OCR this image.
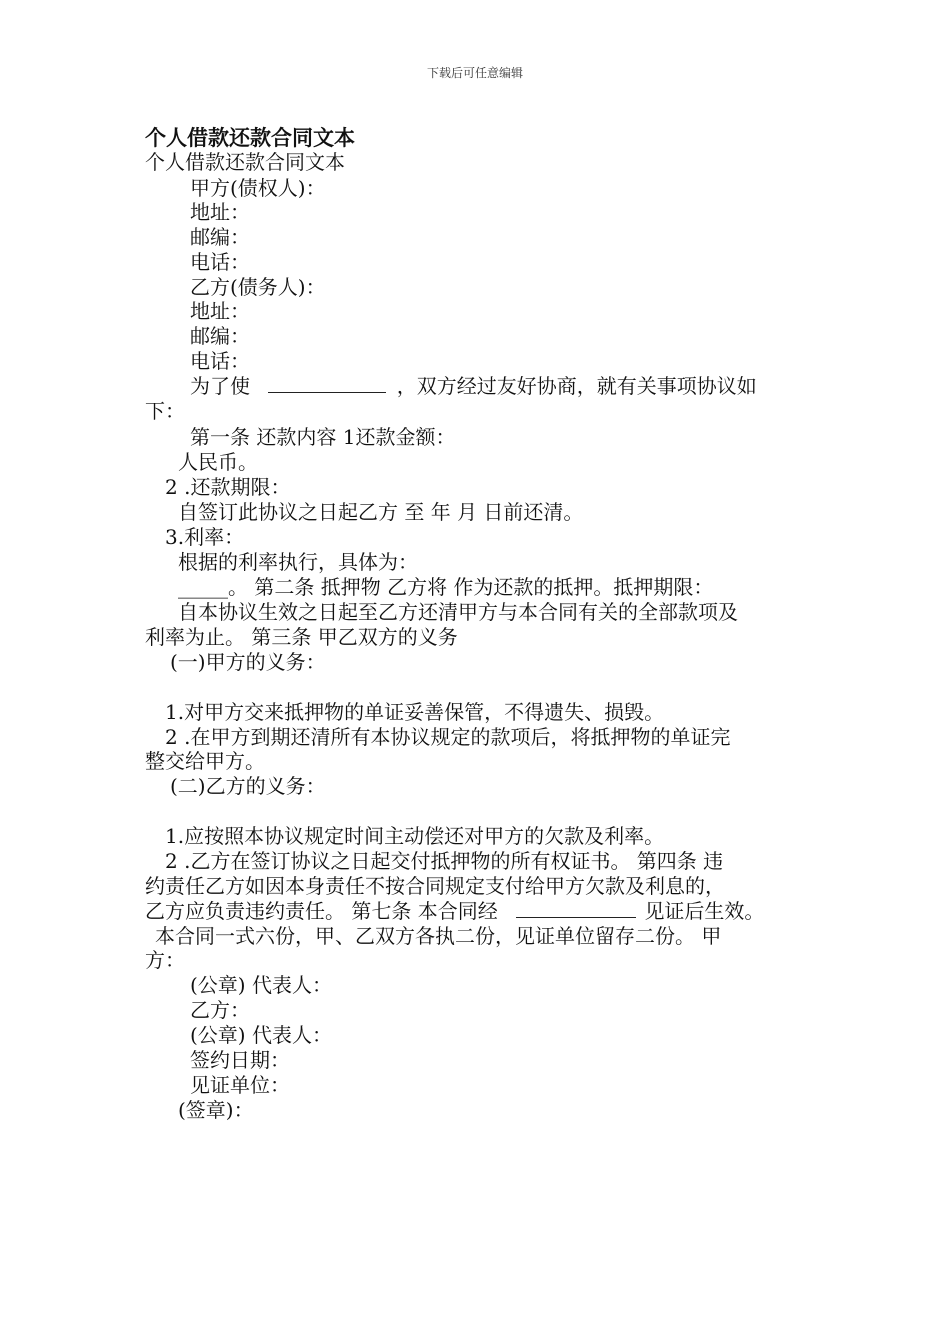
下载后可任意编辑
个人借款还款合同文本
个人借款还款合同文本
甲方(债权人)：
地址：
邮编：
电话：
乙方(债务人)：
地址：
邮编：
电话：
为了使	，双方经过友好协商，就有关事项协议如
下：
第一条 还款内容 1还款金额：
人民币。
2 .还款期限：
自签订此协议之日起乙方 至 年 月 日前还清。
3.利率：
根据的利率执行，具体为：
_____。 第二条 抵押物 乙方将 作为还款的抵押。抵押期限：
自本协议生效之日起至乙方还清甲方与本合同有关的全部款项及
利率为止。 第三条 甲乙双方的义务
(一)甲方的义务：
1.对甲方交来抵押物的单证妥善保管，不得遗失、损毁。
2 .在甲方到期还清所有本协议规定的款项后，将抵押物的单证完
整交给甲方。
(二)乙方的义务：
1.应按照本协议规定时间主动偿还对甲方的欠款及利率。
2 .乙方在签订协议之日起交付抵押物的所有权证书。 第四条 违
约责任乙方如因本身责任不按合同规定支付给甲方欠款及利息的，
乙方应负责违约责任。 第七条 本合同经	见证后生效。
本合同一式六份，甲、乙双方各执二份，见证单位留存二份。 甲
方：
(公章) 代表人：
乙方：
(公章) 代表人：
签约日期：
见证单位：
(签章)：
